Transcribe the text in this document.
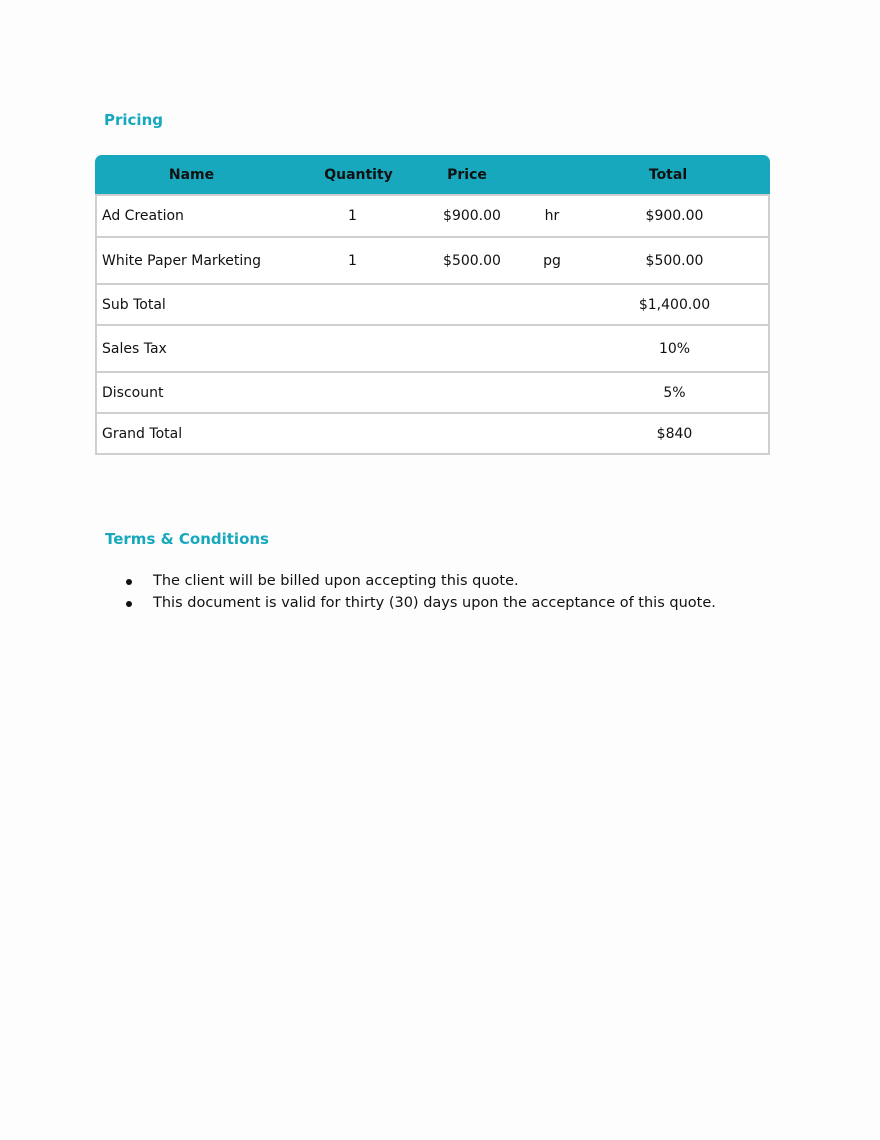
Pricing
Name	Quantity	Price	Total
Ad Creation	1	$900.00	hr	$900.00
White Paper Marketing	1	$500.00	pg	$500.00
Sub Total	$1,400.00
Sales Tax	10%
Discount	5%
Grand Total	$840
Terms & Conditions
The client will be billed upon accepting this quote.
This document is valid for thirty (30) days upon the acceptance of this quote.
